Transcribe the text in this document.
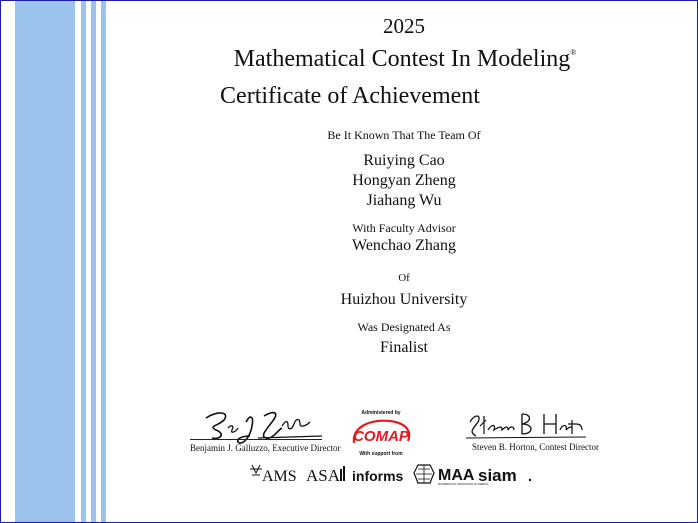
2025
Mathematical Contest In Modeling®
Certificate of Achievement
Be It Known That The Team Of
Ruiying Cao
Hongyan Zheng
Jiahang Wu
With Faculty Advisor
Wenchao Zhang
Of
Huizhou University
Was Designated As
Finalist
Benjamin J. Galluzzo, Executive Director
Administered by
COMAP
With support from
Steven B. Horton, Contest Director
AMS ASA informs MAA
MATHEMATICAL ASSOCIATION OF AMERICA
siam
